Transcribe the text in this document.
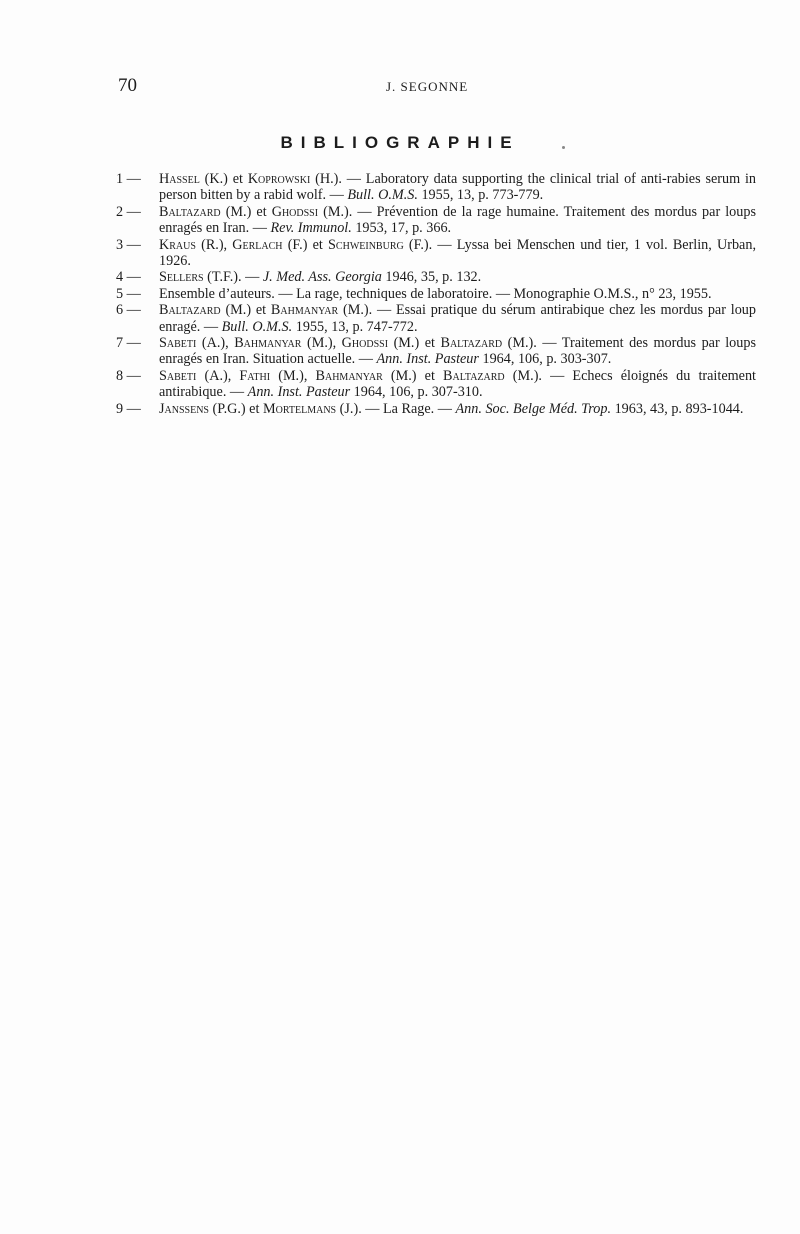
70	J. SEGONNE
BIBLIOGRAPHIE
1 —	Hassel (K.) et Koprowski (H.). — Laboratory data supporting the clinical trial of anti-rabies serum in person bitten by a rabid wolf. — Bull. O.M.S. 1955, 13, p. 773-779.
2 —	Baltazard (M.) et Ghodssi (M.). — Prévention de la rage humaine. Traitement des mordus par loups enragés en Iran. — Rev. Immunol. 1953, 17, p. 366.
3 —	Kraus (R.), Gerlach (F.) et Schweinburg (F.). — Lyssa bei Menschen und tier, 1 vol. Berlin, Urban, 1926.
4 —	Sellers (T.F.). — J. Med. Ass. Georgia 1946, 35, p. 132.
5 —	Ensemble d’auteurs. — La rage, techniques de laboratoire. — Monographie O.M.S., n° 23, 1955.
6 —	Baltazard (M.) et Bahmanyar (M.). — Essai pratique du sérum antirabique chez les mordus par loup enragé. — Bull. O.M.S. 1955, 13, p. 747-772.
7 —	Sabeti (A.), Bahmanyar (M.), Ghodssi (M.) et Baltazard (M.). — Traitement des mordus par loups enragés en Iran. Situation actuelle. — Ann. Inst. Pasteur 1964, 106, p. 303-307.
8 —	Sabeti (A.), Fathi (M.), Bahmanyar (M.) et Baltazard (M.). — Echecs éloignés du traitement antirabique. — Ann. Inst. Pasteur 1964, 106, p. 307-310.
9 —	Janssens (P.G.) et Mortelmans (J.). — La Rage. — Ann. Soc. Belge Méd. Trop. 1963, 43, p. 893-1044.
